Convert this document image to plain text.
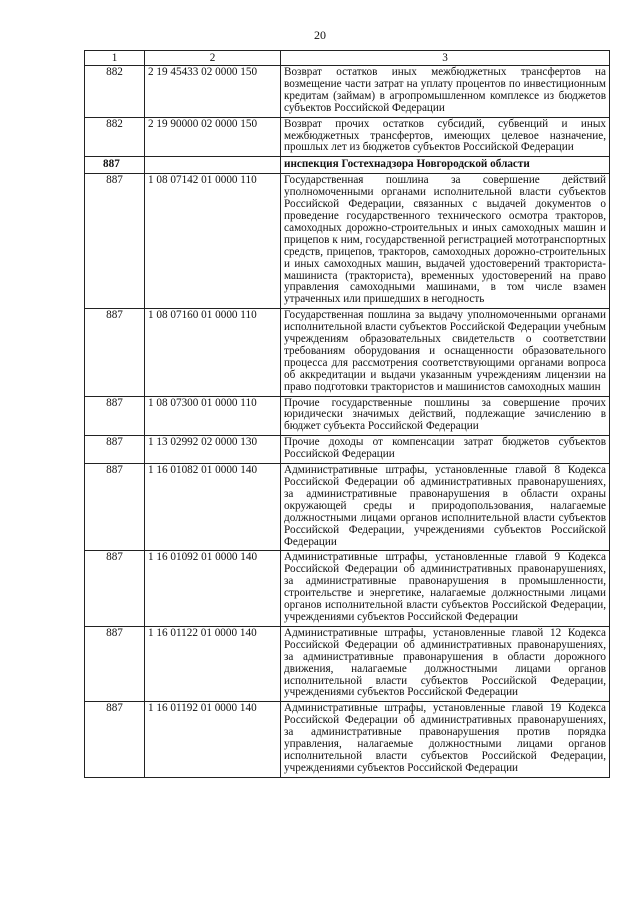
20
1	2	3
882	2 19 45433 02 0000 150	Возврат остатков иных межбюджетных трансфертов на возмещение части затрат на уплату процентов по инвестиционным кредитам (займам) в агропромышленном комплексе из бюджетов субъектов Российской Федерации
882	2 19 90000 02 0000 150	Возврат прочих остатков субсидий, субвенций и иных межбюджетных трансфертов, имеющих целевое назначение, прошлых лет из бюджетов субъектов Российской Федерации
887		инспекция Гостехнадзора Новгородской области
887	1 08 07142 01 0000 110	Государственная пошлина за совершение действий уполномоченными органами исполнительной власти субъектов Российской Федерации, связанных с выдачей документов о проведение государственного технического осмотра тракторов, самоходных дорожно-строительных и иных самоходных машин и прицепов к ним, государственной регистрацией мототранспортных средств, прицепов, тракторов, самоходных дорожно-строительных и иных самоходных машин, выдачей удостоверений тракториста-машиниста (тракториста), временных удостоверений на право управления самоходными машинами, в том числе взамен утраченных или пришедших в негодность
887	1 08 07160 01 0000 110	Государственная пошлина за выдачу уполномоченными органами исполнительной власти субъектов Российской Федерации учебным учреждениям образовательных свидетельств о соответствии требованиям оборудования и оснащенности образовательного процесса для рассмотрения соответствующими органами вопроса об аккредитации и выдачи указанным учреждениям лицензии на право подготовки трактористов и машинистов самоходных машин
887	1 08 07300 01 0000 110	Прочие государственные пошлины за совершение прочих юридически значимых действий, подлежащие зачислению в бюджет субъекта Российской Федерации
887	1 13 02992 02 0000 130	Прочие доходы от компенсации затрат бюджетов субъектов Российской Федерации
887	1 16 01082 01 0000 140	Административные штрафы, установленные главой 8 Кодекса Российской Федерации об административных правонарушениях, за административные правонарушения в области охраны окружающей среды и природопользования, налагаемые должностными лицами органов исполнительной власти субъектов Российской Федерации, учреждениями субъектов Российской Федерации
887	1 16 01092 01 0000 140	Административные штрафы, установленные главой 9 Кодекса Российской Федерации об административных правонарушениях, за административные правонарушения в промышленности, строительстве и энергетике, налагаемые должностными лицами органов исполнительной власти субъектов Российской Федерации, учреждениями субъектов Российской Федерации
887	1 16 01122 01 0000 140	Административные штрафы, установленные главой 12 Кодекса Российской Федерации об административных правонарушениях, за административные правонарушения в области дорожного движения, налагаемые должностными лицами органов исполнительной власти субъектов Российской Федерации, учреждениями субъектов Российской Федерации
887	1 16 01192 01 0000 140	Административные штрафы, установленные главой 19 Кодекса Российской Федерации об административных правонарушениях, за административные правонарушения против порядка управления, налагаемые должностными лицами органов исполнительной власти субъектов Российской Федерации, учреждениями субъектов Российской Федерации
